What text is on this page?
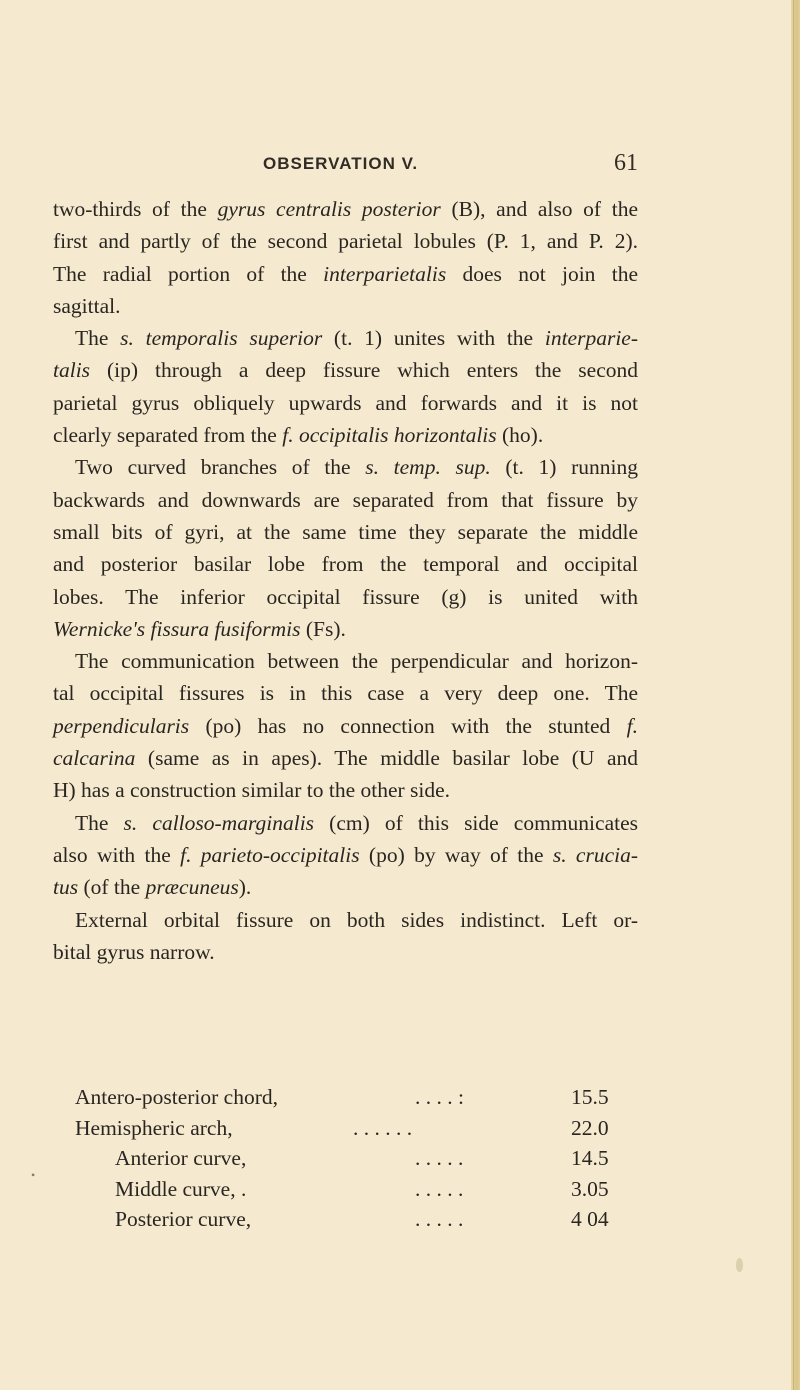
OBSERVATION V.	61
two-thirds of the gyrus centralis posterior (B), and also of the
first and partly of the second parietal lobules (P. 1, and P. 2).
The radial portion of the interparietalis does not join the
sagittal.
The s. temporalis superior (t. 1) unites with the interparie-
talis (ip) through a deep fissure which enters the second
parietal gyrus obliquely upwards and forwards and it is not
clearly separated from the f. occipitalis horizontalis (ho).
Two curved branches of the s. temp. sup. (t. 1) running
backwards and downwards are separated from that fissure by
small bits of gyri, at the same time they separate the middle
and posterior basilar lobe from the temporal and occipital
lobes. The inferior occipital fissure (g) is united with
Wernicke's fissura fusiformis (Fs).
The communication between the perpendicular and horizon-
tal occipital fissures is in this case a very deep one. The
perpendicularis (po) has no connection with the stunted f.
calcarina (same as in apes). The middle basilar lobe (U and
H) has a construction similar to the other side.
The s. calloso-marginalis (cm) of this side communicates
also with the f. parieto-occipitalis (po) by way of the s. crucia-
tus (of the præcuneus).
External orbital fissure on both sides indistinct. Left or-
bital gyrus narrow.
Antero-posterior chord,	. . . . :	15.5
Hemispheric arch,	. . . . . .	22.0
Anterior curve,	. . . . .	14.5
Middle curve, .	. . . . .	3.05
Posterior curve,	. . . . .	4 04
•
